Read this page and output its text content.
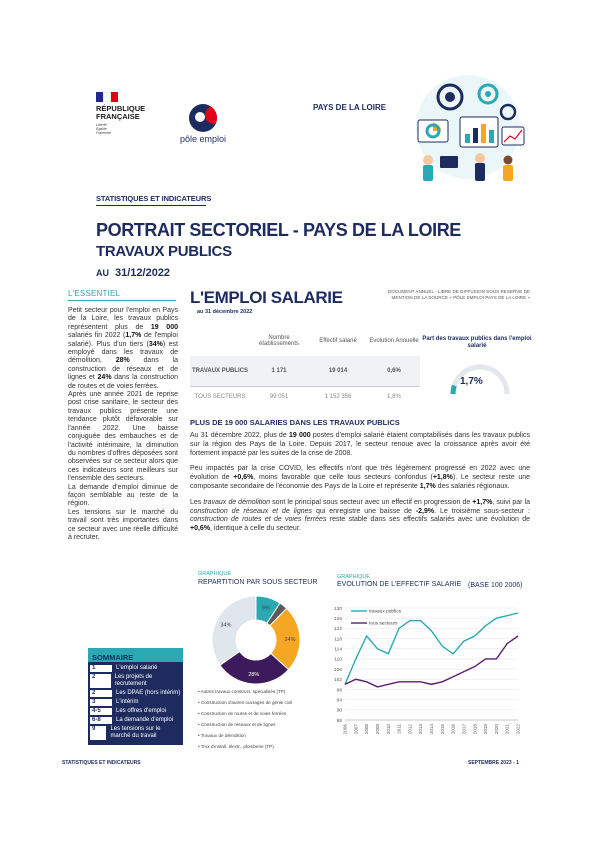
RÉPUBLIQUE
FRANÇAISE
Liberté
Égalité
Fraternité
pôle emploi
PAYS DE LA LOIRE
STATISTIQUES ET INDICATEURS
PORTRAIT SECTORIEL - PAYS DE LA LOIRE
TRAVAUX PUBLICS
AU 31/12/2022
L'ESSENTIEL

Petit secteur pour l'emploi en Pays de la Loire, les travaux publics représentent plus de 19 000 salariés fin 2022 (1,7% de l'emploi salarié). Plus d'un tiers (34%) est employé dans les travaux de démolition, 28% dans la construction de réseaux et de lignes et 24% dans la construction de routes et de voies ferrées.

Après une année 2021 de reprise post crise sanitaire, le secteur des travaux publics présente une tendance plutôt défavorable sur l'année 2022. Une baisse conjuguée des embauches et de l'activité intérimaire, la diminution du nombres d'offres déposées sont observées sur ce secteur alors que ces indicateurs sont meilleurs sur l'ensemble des secteurs.

La demande d'emploi diminue de façon semblable au reste de la région.

Les tensions sur le marché du travail sont très importantes dans ce secteur avec une réelle difficulté à recruter.

SOMMAIRE
1	L'emploi salarié
2	Les projets de recrutement
2	Les DPAE (hors intérim)
3	L'intérim
4-5	Les offres d'emploi
6-8	La demande d'emploi
9	Les tensions sur le marché du travail
L'EMPLOI SALARIE
au 31 décembre 2022
DOCUMENT ANNUEL - LIBRE DE DIFFUSION SOUS RESERVE DE MENTION DE LA SOURCE « PÔLE EMPLOI PAYS DE LA LOIRE »
Nombre établissements	Effectif salarié	Evolution Annuelle
TRAVAUX PUBLICS	1 171	19 014	0,6%
TOUS SECTEURS	99 051	1 152 356	1,8%
Part des travaux publics dans l'emploi salarié
1,7%
PLUS DE 19 000 SALARIES DANS LES TRAVAUX PUBLICS

Au 31 décembre 2022, plus de 19 000 postes d'emploi salarié étaient comptabilisés dans les travaux publics sur la région des Pays de la Loire. Depuis 2017, le secteur renoue avec la croissance après avoir été fortement impacté par les suites de la crise de 2008.

Peu impactés par la crise COVID, les effectifs n'ont que très légèrement progressé en 2022 avec une évolution de +0,6%, moins favorable que celle tous secteurs confondus (+1,8%). Le secteur reste une composante secondaire de l'économie des Pays de la Loire et représente 1,7% des salariés régionaux.

Les travaux de démolition sont le principal sous secteur avec un effectif en progression de +1,7%, suivi par la construction de réseaux et de lignes qui enregistre une baisse de -2,9%. Le troisième sous-secteur : construction de routes et de voies ferrées reste stable dans ses effectifs salariés avec une évolution de +0,6%, identique à celle du secteur.

GRAPHIQUE
REPARTITION PAR SOUS SECTEUR
GRAPHIQUE
EVOLUTION DE L'EFFECTIF SALARIE (BASE 100 2006)
9%
24%
28%
34%
• Autres travaux construct. spécialisés (TP)
• Construction d'autres ouvrages de génie civil
• Construction de routes et de voies ferrées
• Construction de réseaux et de lignes
• Travaux de démolition
• Trvx d'install. électr., plomberie (TP)
86
90
94
98
102
106
110
114
118
122
126
130
2006 2007 2008 2009 2010 2011 2012 2013 2014 2015 2016 2017 2018 2019 2020 2021 2022
travaux publics
tous secteurs
STATISTIQUES ET INDICATEURS	SEPTEMBRE 2023 - 1
